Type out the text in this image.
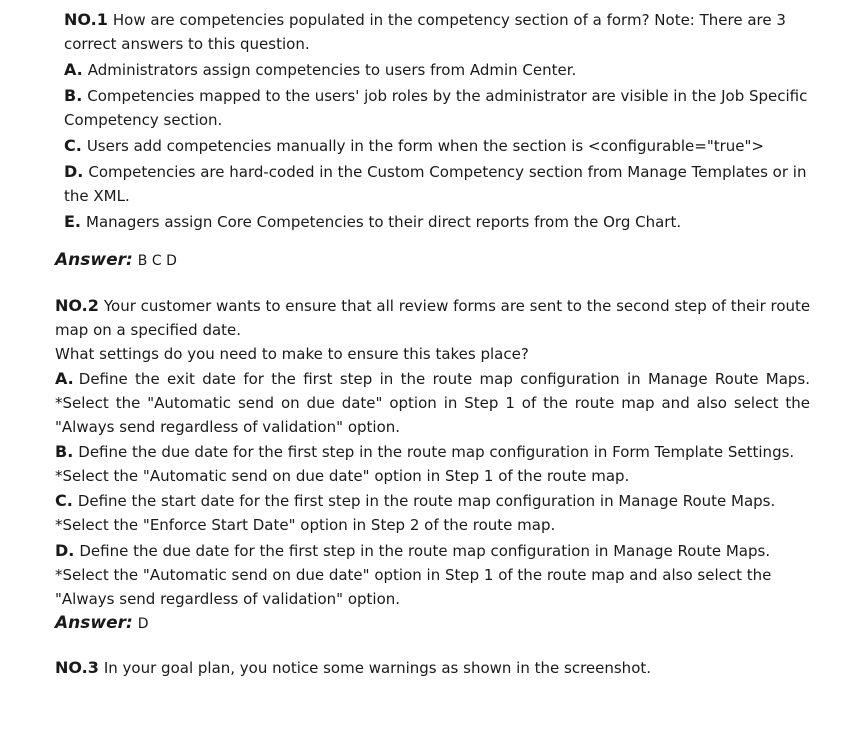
NO.1 How are competencies populated in the competency section of a form? Note: There are 3
correct answers to this question.
A. Administrators assign competencies to users from Admin Center.
B. Competencies mapped to the users' job roles by the administrator are visible in the Job Specific
Competency section.
C. Users add competencies manually in the form when the section is <configurable="true">
D. Competencies are hard-coded in the Custom Competency section from Manage Templates or in
the XML.
E. Managers assign Core Competencies to their direct reports from the Org Chart.
Answer: B C D
NO.2 Your customer wants to ensure that all review forms are sent to the second step of their route
map on a specified date.
What settings do you need to make to ensure this takes place?
A. Define the exit date for the first step in the route map configuration in Manage Route Maps.
*Select the "Automatic send on due date" option in Step 1 of the route map and also select the
"Always send regardless of validation" option.
B. Define the due date for the first step in the route map configuration in Form Template Settings.
*Select the "Automatic send on due date" option in Step 1 of the route map.
C. Define the start date for the first step in the route map configuration in Manage Route Maps.
*Select the "Enforce Start Date" option in Step 2 of the route map.
D. Define the due date for the first step in the route map configuration in Manage Route Maps.
*Select the "Automatic send on due date" option in Step 1 of the route map and also select the
"Always send regardless of validation" option.
Answer: D
NO.3 In your goal plan, you notice some warnings as shown in the screenshot.
